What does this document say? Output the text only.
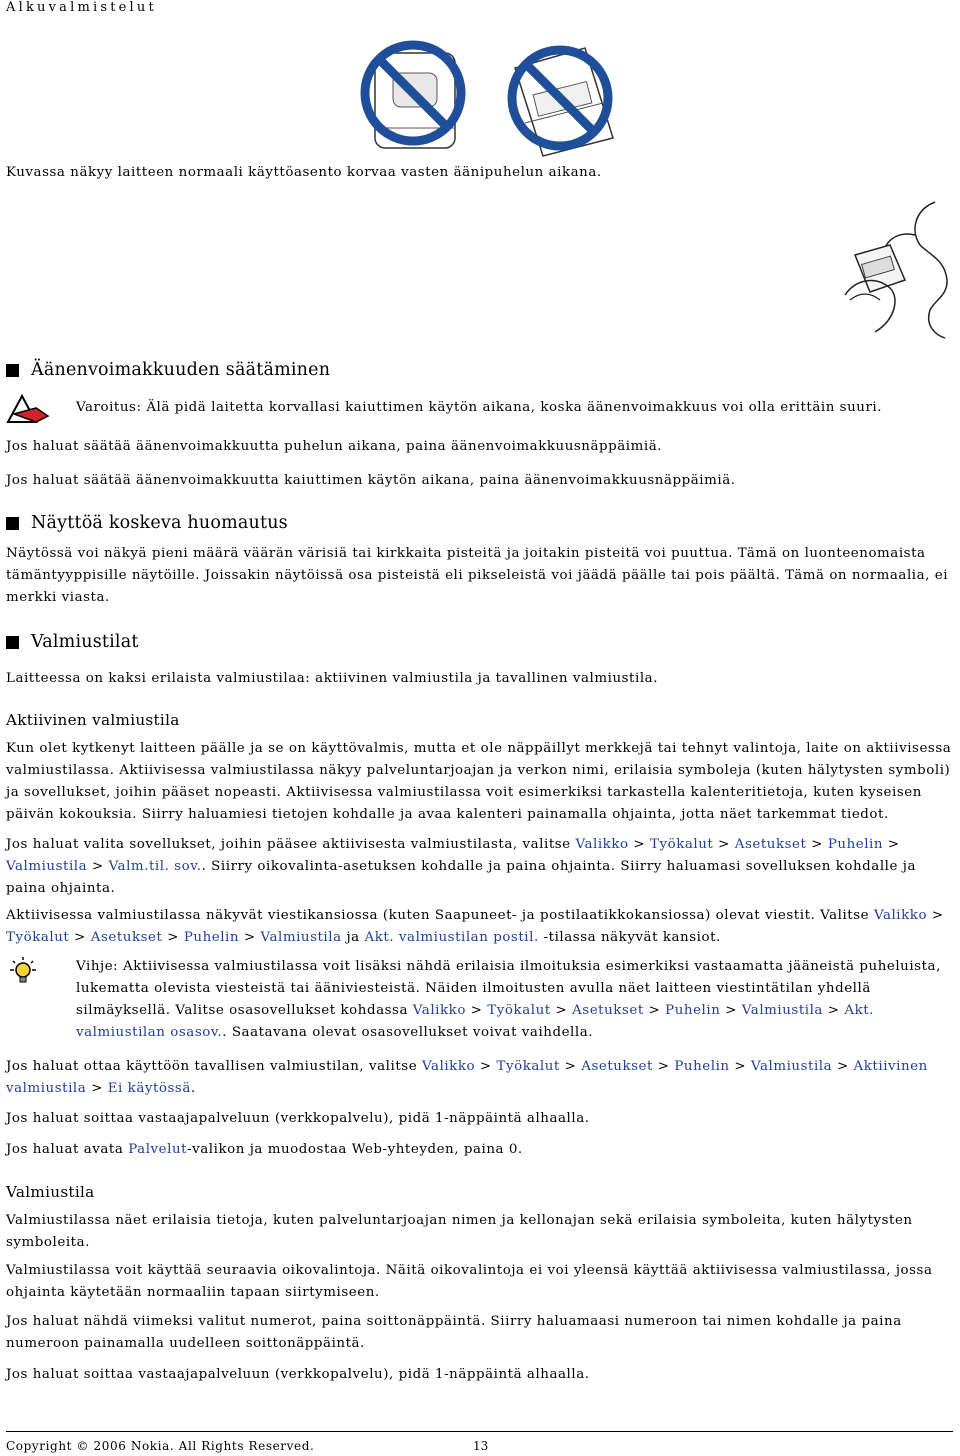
Alkuvalmistelut
Kuvassa näkyy laitteen normaali käyttöasento korvaa vasten äänipuhelun aikana.
Äänenvoimakkuuden säätäminen
Varoitus: Älä pidä laitetta korvallasi kaiuttimen käytön aikana, koska äänenvoimakkuus voi olla erittäin suuri.
Jos haluat säätää äänenvoimakkuutta puhelun aikana, paina äänenvoimakkuusnäppäimiä.
Jos haluat säätää äänenvoimakkuutta kaiuttimen käytön aikana, paina äänenvoimakkuusnäppäimiä.
Näyttöä koskeva huomautus
Näytössä voi näkyä pieni määrä väärän värisiä tai kirkkaita pisteitä ja joitakin pisteitä voi puuttua. Tämä on luonteenomaista tämäntyyppisille näytöille. Joissakin näytöissä osa pisteistä eli pikseleistä voi jäädä päälle tai pois päältä. Tämä on normaalia, ei merkki viasta.
Valmiustilat
Laitteessa on kaksi erilaista valmiustilaa: aktiivinen valmiustila ja tavallinen valmiustila.
Aktiivinen valmiustila
Kun olet kytkenyt laitteen päälle ja se on käyttövalmis, mutta et ole näppäillyt merkkejä tai tehnyt valintoja, laite on aktiivisessa valmiustilassa. Aktiivisessa valmiustilassa näkyy palveluntarjoajan ja verkon nimi, erilaisia symboleja (kuten hälytysten symboli) ja sovellukset, joihin pääset nopeasti. Aktiivisessa valmiustilassa voit esimerkiksi tarkastella kalenteritietoja, kuten kyseisen päivän kokouksia. Siirry haluamiesi tietojen kohdalle ja avaa kalenteri painamalla ohjainta, jotta näet tarkemmat tiedot.
Jos haluat valita sovellukset, joihin pääsee aktiivisesta valmiustilasta, valitse Valikko > Työkalut > Asetukset > Puhelin > Valmiustila > Valm.til. sov.. Siirry oikovalinta-asetuksen kohdalle ja paina ohjainta. Siirry haluamasi sovelluksen kohdalle ja paina ohjainta.
Aktiivisessa valmiustilassa näkyvät viestikansiossa (kuten Saapuneet- ja postilaatikkokansiossa) olevat viestit. Valitse Valikko > Työkalut > Asetukset > Puhelin > Valmiustila ja Akt. valmiustilan postil. -tilassa näkyvät kansiot.
Vihje: Aktiivisessa valmiustilassa voit lisäksi nähdä erilaisia ilmoituksia esimerkiksi vastaamatta jääneistä puheluista, lukematta olevista viesteistä tai ääniviesteistä. Näiden ilmoitusten avulla näet laitteen viestintätilan yhdellä silmäyksellä. Valitse osasovellukset kohdassa Valikko > Työkalut > Asetukset > Puhelin > Valmiustila > Akt. valmiustilan osasov.. Saatavana olevat osasovellukset voivat vaihdella.
Jos haluat ottaa käyttöön tavallisen valmiustilan, valitse Valikko > Työkalut > Asetukset > Puhelin > Valmiustila > Aktiivinen valmiustila > Ei käytössä.
Jos haluat soittaa vastaajapalveluun (verkkopalvelu), pidä 1-näppäintä alhaalla.
Jos haluat avata Palvelut-valikon ja muodostaa Web-yhteyden, paina 0.
Valmiustila
Valmiustilassa näet erilaisia tietoja, kuten palveluntarjoajan nimen ja kellonajan sekä erilaisia symboleita, kuten hälytysten symboleita.
Valmiustilassa voit käyttää seuraavia oikovalintoja. Näitä oikovalintoja ei voi yleensä käyttää aktiivisessa valmiustilassa, jossa ohjainta käytetään normaaliin tapaan siirtymiseen.
Jos haluat nähdä viimeksi valitut numerot, paina soittonäppäintä. Siirry haluamaasi numeroon tai nimen kohdalle ja paina numeroon painamalla uudelleen soittonäppäintä.
Jos haluat soittaa vastaajapalveluun (verkkopalvelu), pidä 1-näppäintä alhaalla.
Copyright © 2006 Nokia. All Rights Reserved.	13
